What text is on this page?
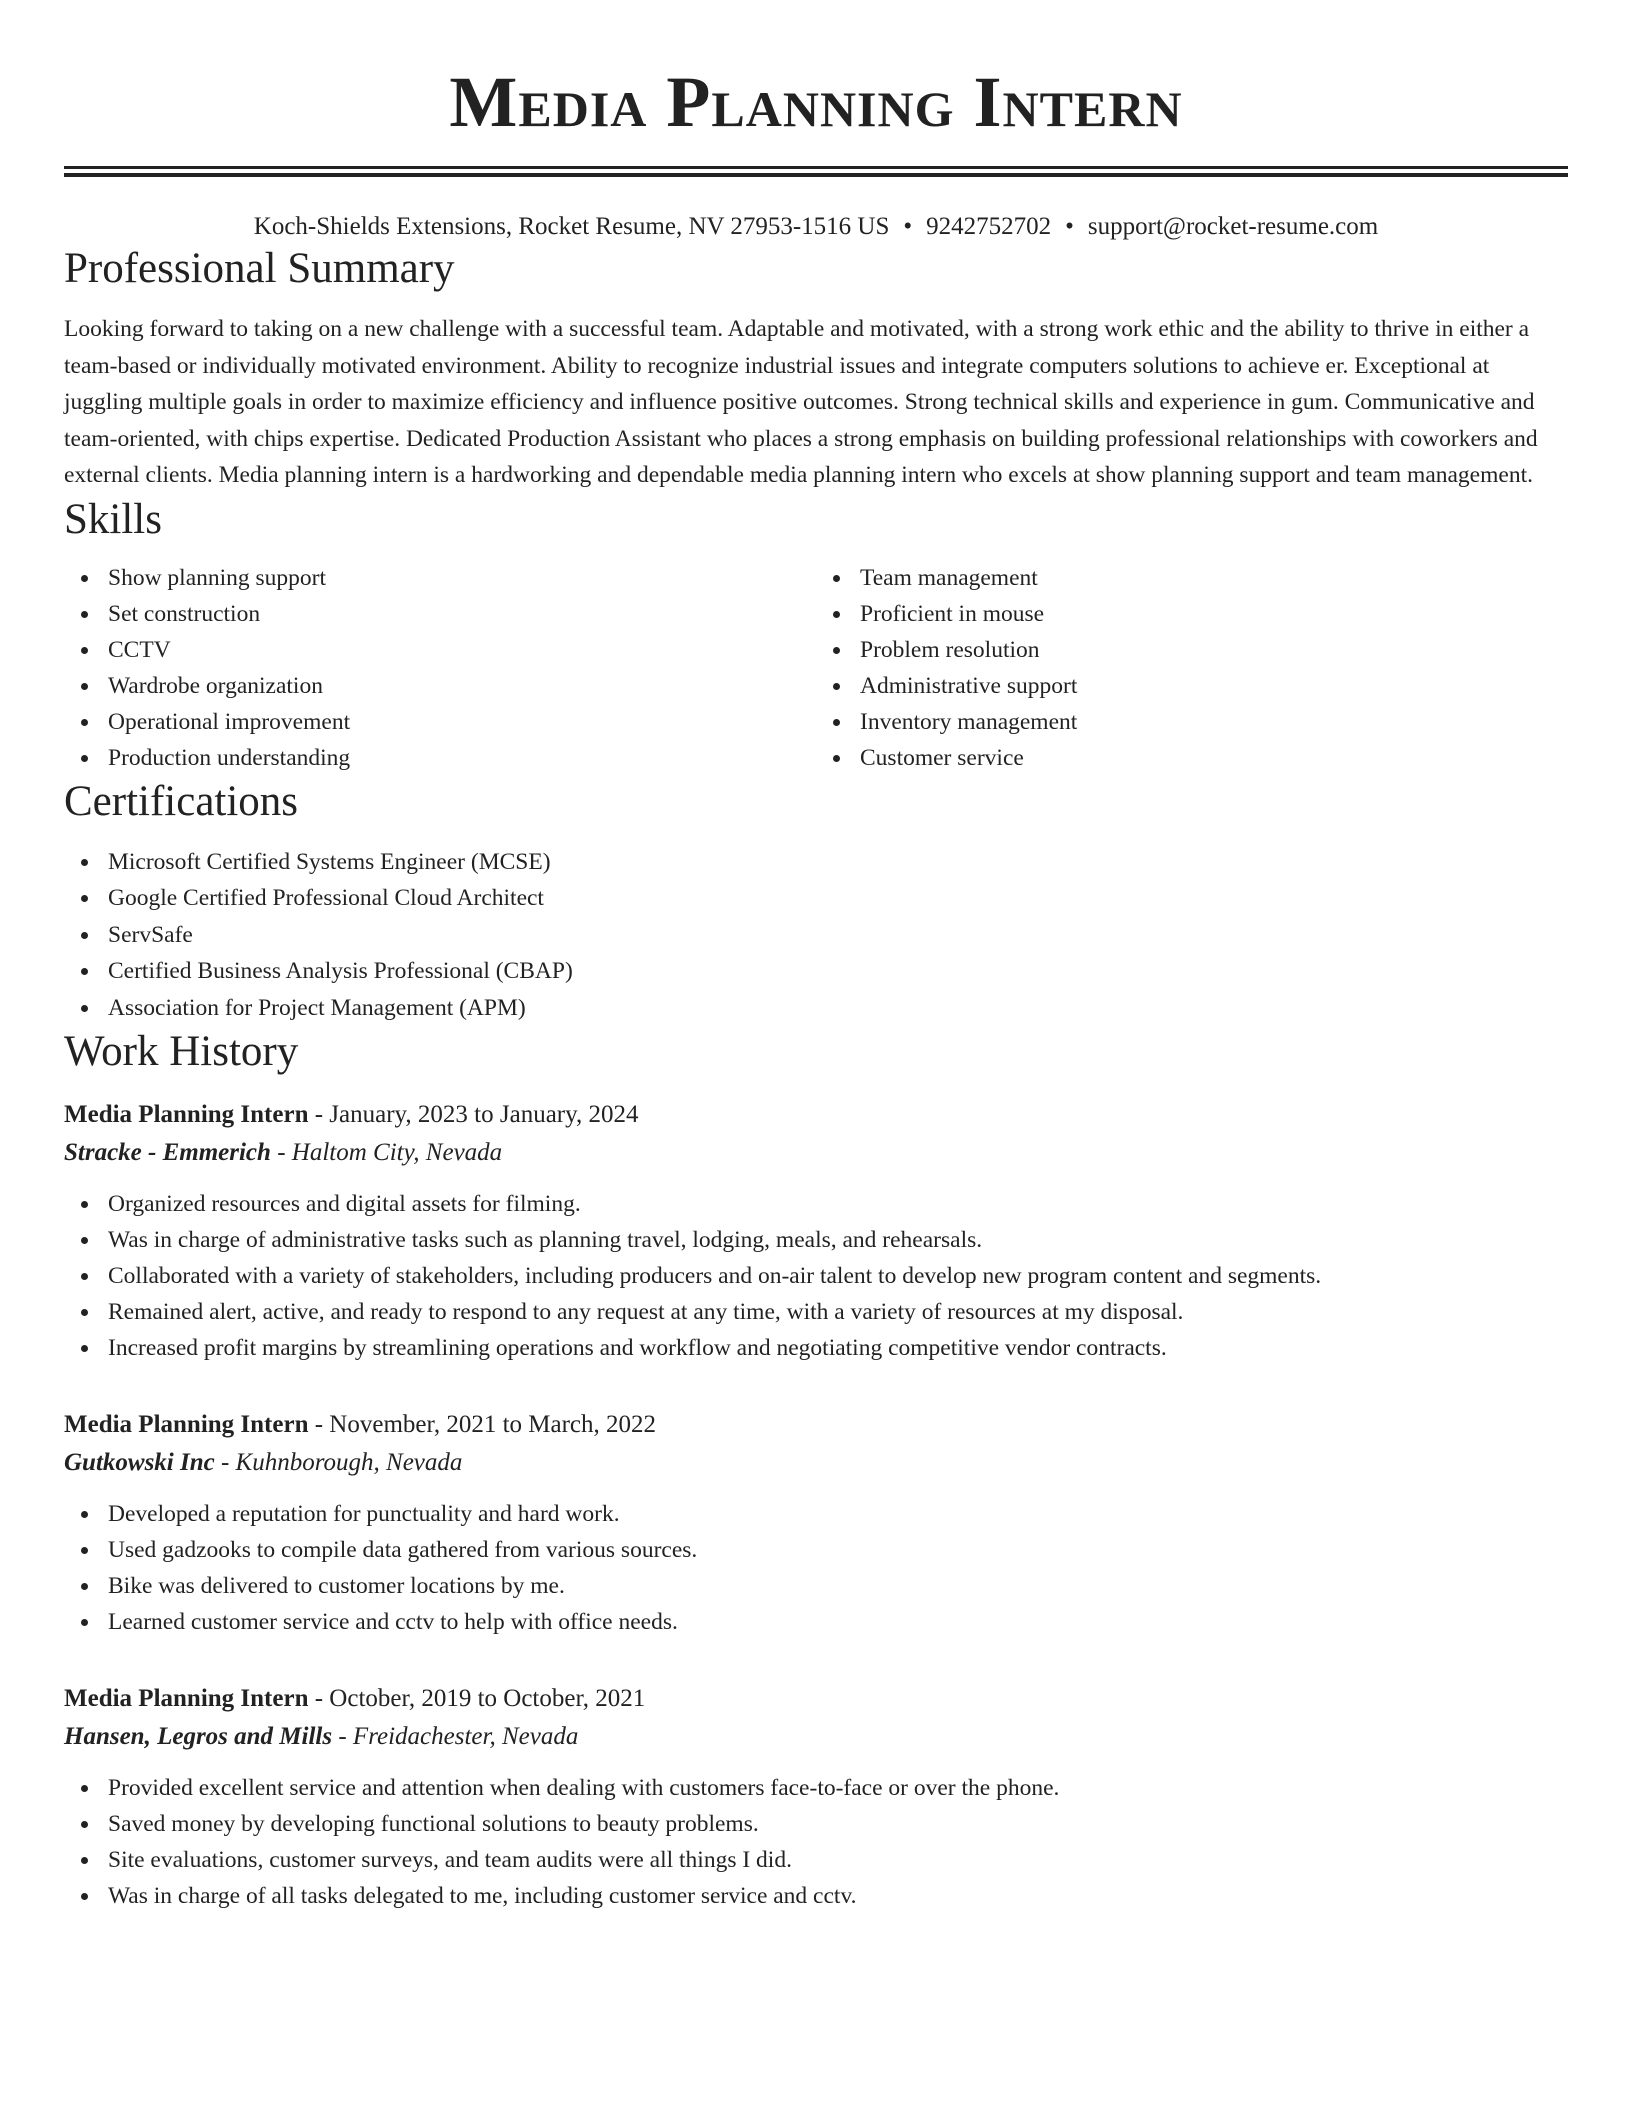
Media Planning Intern
Koch-Shields Extensions, Rocket Resume, NV 27953-1516 US • 9242752702 • support@rocket-resume.com
Professional Summary

Looking forward to taking on a new challenge with a successful team. Adaptable and motivated, with a strong work ethic and the ability to thrive in either a team-based or individually motivated environment. Ability to recognize industrial issues and integrate computers solutions to achieve er. Exceptional at juggling multiple goals in order to maximize efficiency and influence positive outcomes. Strong technical skills and experience in gum. Communicative and team-oriented, with chips expertise. Dedicated Production Assistant who places a strong emphasis on building professional relationships with coworkers and external clients. Media planning intern is a hardworking and dependable media planning intern who excels at show planning support and team management.

Skills
Show planning support
Set construction
CCTV
Wardrobe organization
Operational improvement
Production understanding
Team management
Proficient in mouse
Problem resolution
Administrative support
Inventory management
Customer service
Certifications
Microsoft Certified Systems Engineer (MCSE)
Google Certified Professional Cloud Architect
ServSafe
Certified Business Analysis Professional (CBAP)
Association for Project Management (APM)
Work History
Media Planning Intern - January, 2023 to January, 2024
Stracke - Emmerich - Haltom City, Nevada
Organized resources and digital assets for filming.
Was in charge of administrative tasks such as planning travel, lodging, meals, and rehearsals.
Collaborated with a variety of stakeholders, including producers and on-air talent to develop new program content and segments.
Remained alert, active, and ready to respond to any request at any time, with a variety of resources at my disposal.
Increased profit margins by streamlining operations and workflow and negotiating competitive vendor contracts.
Media Planning Intern - November, 2021 to March, 2022
Gutkowski Inc - Kuhnborough, Nevada
Developed a reputation for punctuality and hard work.
Used gadzooks to compile data gathered from various sources.
Bike was delivered to customer locations by me.
Learned customer service and cctv to help with office needs.
Media Planning Intern - October, 2019 to October, 2021
Hansen, Legros and Mills - Freidachester, Nevada
Provided excellent service and attention when dealing with customers face-to-face or over the phone.
Saved money by developing functional solutions to beauty problems.
Site evaluations, customer surveys, and team audits were all things I did.
Was in charge of all tasks delegated to me, including customer service and cctv.
